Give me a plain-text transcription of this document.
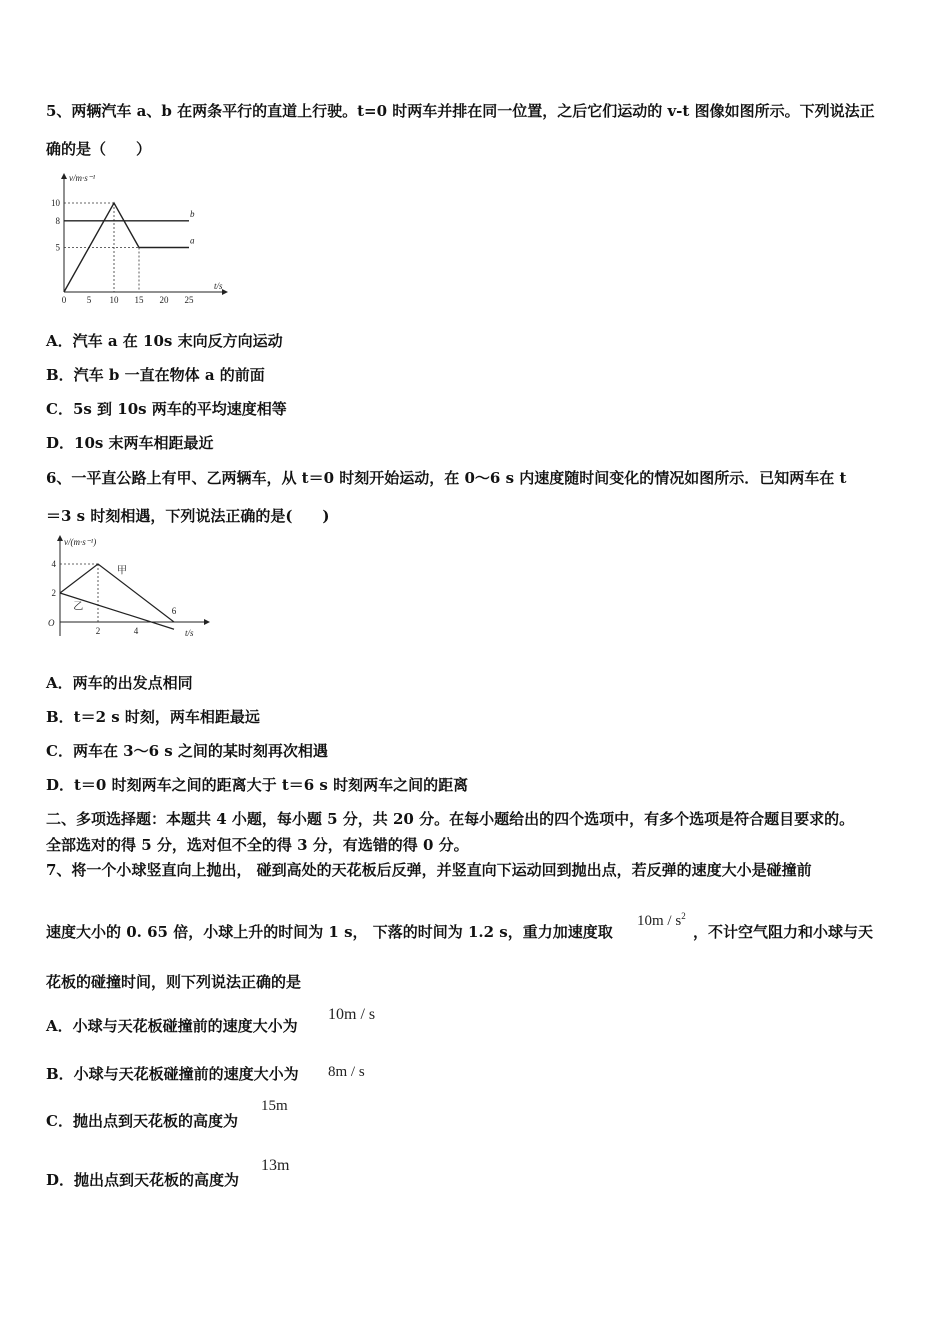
5、两辆汽车 a、b 在两条平行的直道上行驶。t=0 时两车并排在同一位置，之后它们运动的 v-t 图像如图所示。下列说法正
确的是（　　）
v/m·s⁻¹
t/s
10
8
5
0 5 10 15 20 25
b
a
A．汽车 a 在 10s 末向反方向运动
B．汽车 b 一直在物体 a 的前面
C．5s 到 10s 两车的平均速度相等
D．10s 末两车相距最近
6、一平直公路上有甲、乙两辆车，从 t＝0 时刻开始运动，在 0～6 s 内速度随时间变化的情况如图所示．已知两车在 t
＝3 s 时刻相遇，下列说法正确的是(　　)
v/(m·s⁻¹)
t/s
O
4
2
2	4
6
甲
乙
A．两车的出发点相同
B．t＝2 s 时刻，两车相距最远
C．两车在 3～6 s 之间的某时刻再次相遇
D．t＝0 时刻两车之间的距离大于 t＝6 s 时刻两车之间的距离
二、多项选择题：本题共 4 小题，每小题 5 分，共 20 分。在每小题给出的四个选项中，有多个选项是符合题目要求的。
全部选对的得 5 分，选对但不全的得 3 分，有选错的得 0 分。
7、将一个小球竖直向上抛出， 碰到高处的天花板后反弹，并竖直向下运动回到抛出点，若反弹的速度大小是碰撞前
速度大小的 0. 65 倍，小球上升的时间为 1 s， 下落的时间为 1.2 s，重力加速度取
$10m / s^2$
，不计空气阻力和小球与天
花板的碰撞时间，则下列说法正确的是
A．小球与天花板碰撞前的速度大小为
10m / s
B．小球与天花板碰撞前的速度大小为 8m / s
C．抛出点到天花板的高度为
15m
D．抛出点到天花板的高度为
13m
